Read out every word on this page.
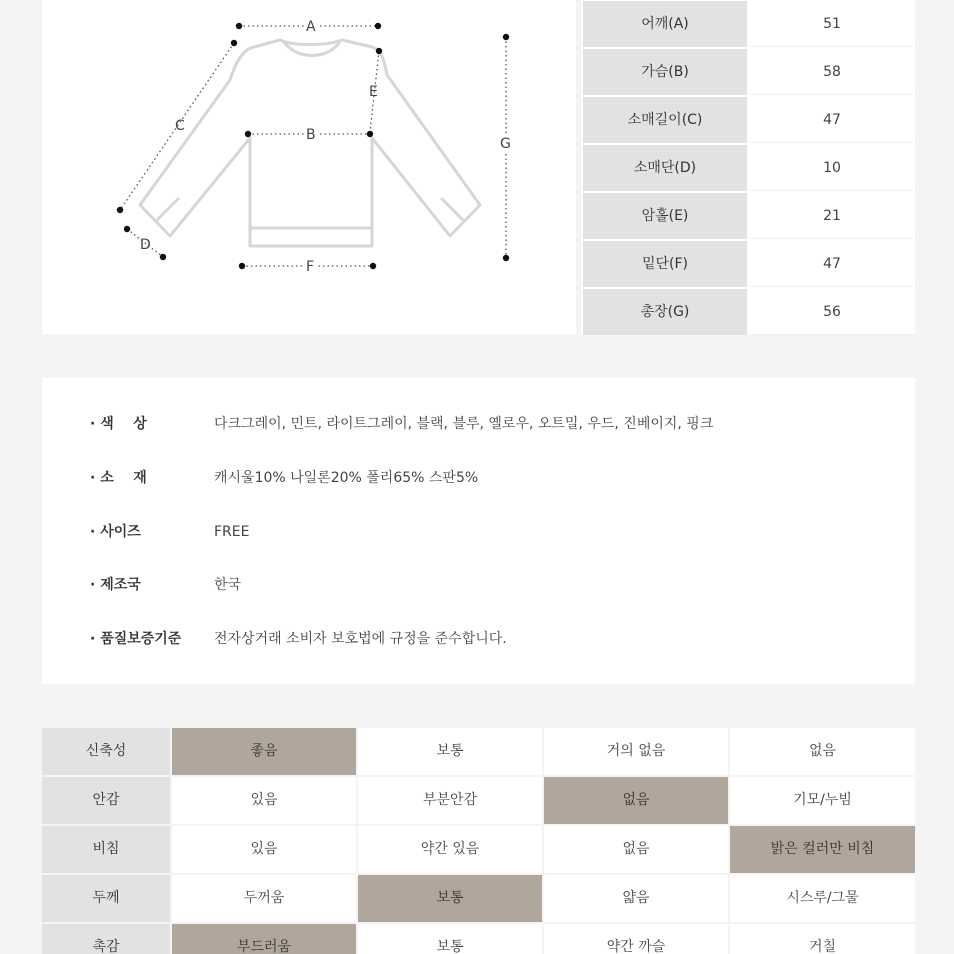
A
B
C
D
E
F
G
어깨(A)	51
가슴(B)	58
소매길이(C)	47
소매단(D)	10
암홀(E)	21
밑단(F)	47
총장(G)	56
· 색    상	다크그레이, 민트, 라이트그레이, 블랙, 블루, 옐로우, 오트밀, 우드, 진베이지, 핑크
· 소    재	캐시울10% 나일론20% 폴리65% 스판5%
· 사이즈	FREE
· 제조국	한국
· 품질보증기준	전자상거래 소비자 보호법에 규정을 준수합니다.
신축성	좋음	보통	거의 없음	없음
안감	있음	부분안감	없음	기모/누빔
비침	있음	약간 있음	없음	밝은 컬러만 비침
두께	두꺼움	보통	얇음	시스루/그물
촉감	부드러움	보통	약간 까슬	거칠
